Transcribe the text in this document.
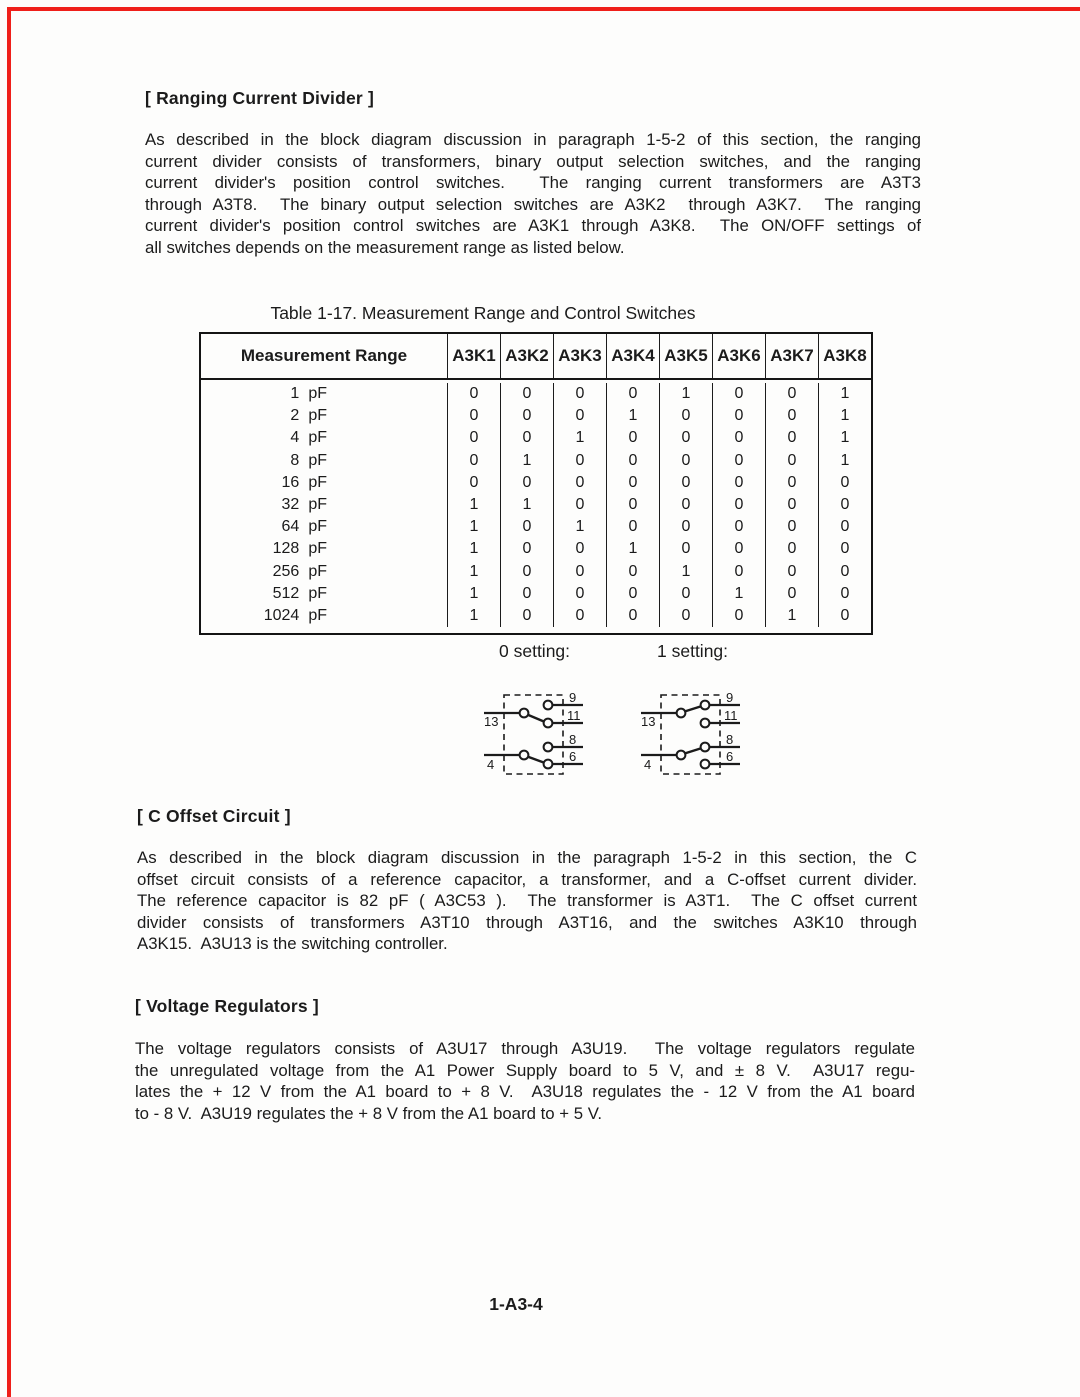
[ Ranging Current Divider ]
As described in the block diagram discussion in paragraph 1-5-2 of this section, the ranging
current divider consists of transformers, binary output selection switches, and the ranging
current divider's position control switches.  The ranging current transformers are A3T3
through A3T8.  The binary output selection switches are A3K2  through A3K7.  The ranging
current divider's position control switches are A3K1 through A3K8.  The ON/OFF settings of
all switches depends on the measurement range as listed below.
Table 1-17. Measurement Range and Control Switches
Measurement Range	A3K1 A3K2 A3K3 A3K4 A3K5 A3K6 A3K7 A3K8
1 pF	0	0	0	0	1	0	0	1
2 pF	0	0	0	1	0	0	0	1
4 pF	0	0	1	0	0	0	0	1
8 pF	0	1	0	0	0	0	0	1
16 pF	0	0	0	0	0	0	0	0
32 pF	1	1	0	0	0	0	0	0
64 pF	1	0	1	0	0	0	0	0
128 pF	1	0	0	1	0	0	0	0
256 pF	1	0	0	0	1	0	0	0
512 pF	1	0	0	0	0	1	0	0
1024 pF	1	0	0	0	0	0	1	0
0 setting:	1 setting:
13
4
9
11
8
6
13
4
9
11
8
6
[ C Offset Circuit ]
As described in the block diagram discussion in the paragraph 1-5-2 in this section, the C
offset circuit consists of a reference capacitor, a transformer, and a C-offset current divider.
The reference capacitor is 82 pF ( A3C53 ).  The transformer is A3T1.  The C offset current
divider consists of transformers A3T10 through A3T16, and the switches A3K10 through
A3K15.  A3U13 is the switching controller.
[ Voltage Regulators ]
The voltage regulators consists of A3U17 through A3U19.  The voltage regulators regulate
the unregulated voltage from the A1 Power Supply board to 5 V, and ± 8 V.  A3U17 regu-
lates the + 12 V from the A1 board to + 8 V.  A3U18 regulates the - 12 V from the A1 board
to - 8 V.  A3U19 regulates the + 8 V from the A1 board to + 5 V.
1-A3-4
